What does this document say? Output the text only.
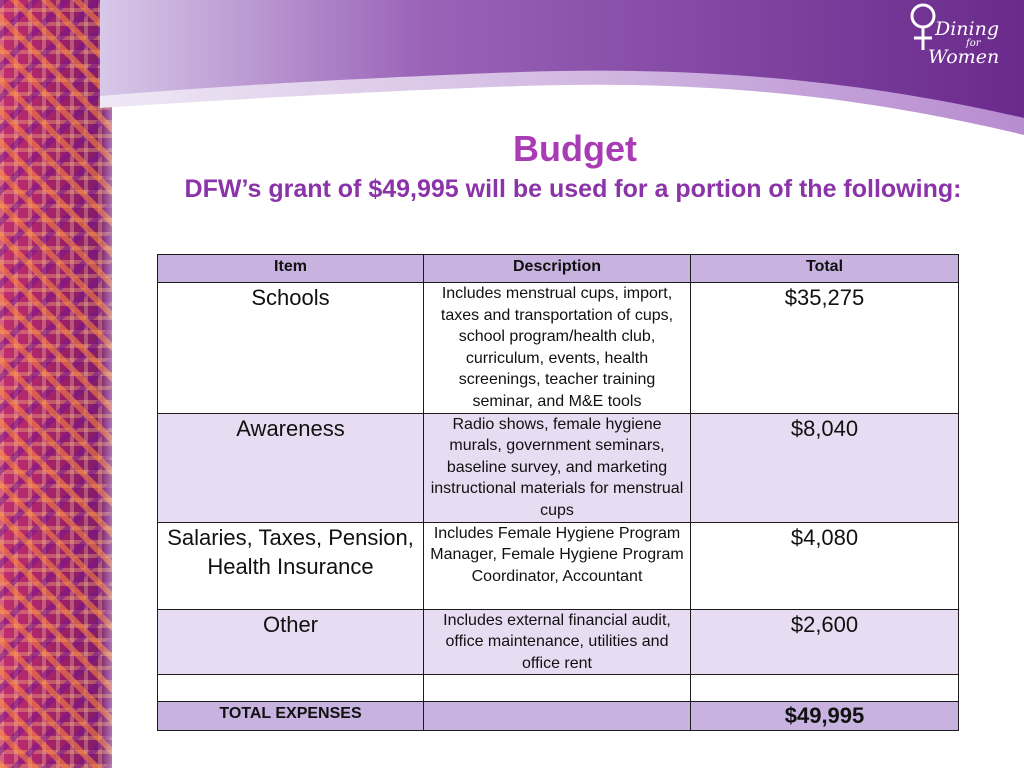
Dining
for
Women
Budget
DFW’s grant of $49,995 will be used for a portion of the following:
Item	Description	Total
Schools	Includes menstrual cups, import, taxes and transportation of cups, school program/health club, curriculum, events, health screenings, teacher training seminar, and M&E tools	$35,275
Awareness	Radio shows, female hygiene murals, government seminars, baseline survey, and marketing instructional materials for menstrual cups	$8,040
Salaries, Taxes, Pension, Health Insurance	Includes Female Hygiene Program Manager, Female Hygiene Program Coordinator, Accountant	$4,080
Other	Includes external financial audit, office maintenance, utilities and office rent	$2,600

TOTAL EXPENSES		$49,995
